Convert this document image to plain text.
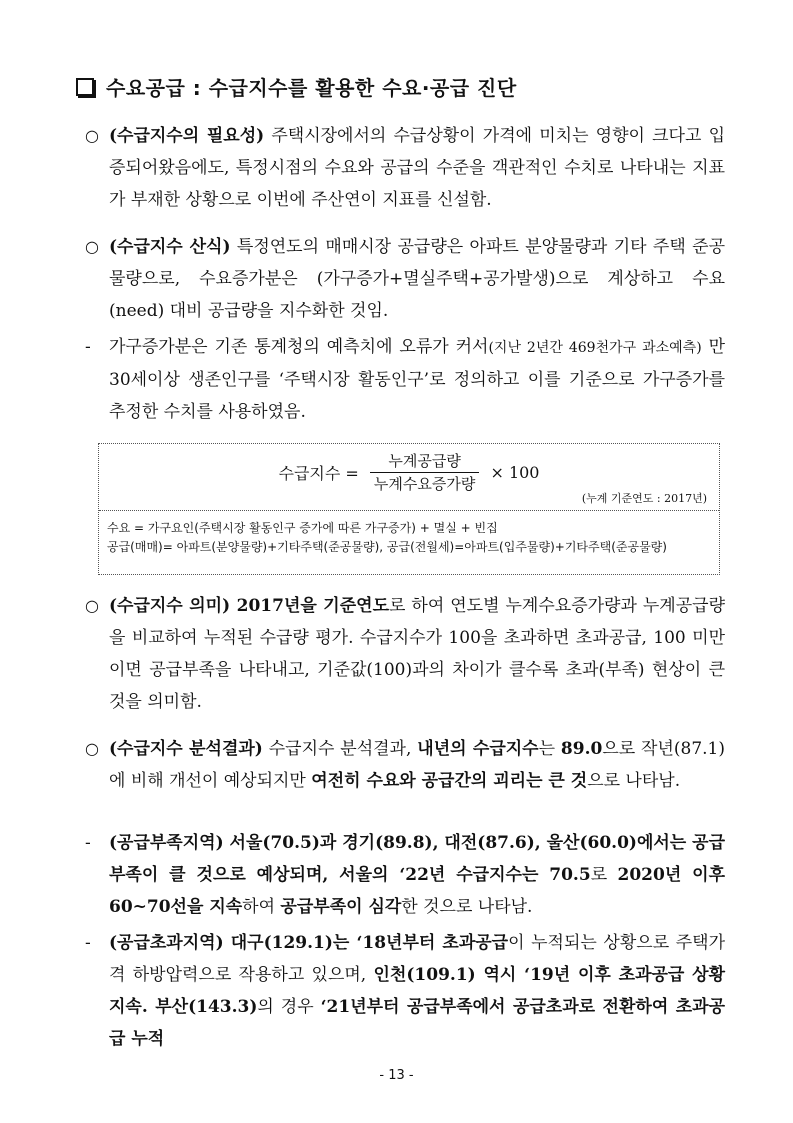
수요공급 : 수급지수를 활용한 수요·공급 진단
○ (수급지수의 필요성) 주택시장에서의 수급상황이 가격에 미치는 영향이 크다고 입증되어왔음에도, 특정시점의 수요와 공급의 수준을 객관적인 수치로 나타내는 지표가 부재한 상황으로 이번에 주산연이 지표를 신설함.
○ (수급지수 산식) 특정연도의 매매시장 공급량은 아파트 분양물량과 기타 주택 준공물량으로, 수요증가분은 (가구증가+멸실주택+공가발생)으로 계상하고 수요(need) 대비 공급량을 지수화한 것임.
- 가구증가분은 기존 통계청의 예측치에 오류가 커서(지난 2년간 469천가구 과소예측) 만30세이상 생존인구를 ‘주택시장 활동인구’로 정의하고 이를 기준으로 가구증가를 추정한 수치를 사용하였음.
수급지수 = $\frac{\text{누계공급량}}{\text{누계수요증가량}} \times 100$
(누계 기준연도 : 2017년)
수요 = 가구요인(주택시장 활동인구 증가에 따른 가구증가) + 멸실 + 빈집
공급(매매)= 아파트(분양물량)+기타주택(준공물량), 공급(전월세)=아파트(입주물량)+기타주택(준공물량)
○ (수급지수 의미) 2017년을 기준연도로 하여 연도별 누계수요증가량과 누계공급량을 비교하여 누적된 수급량 평가. 수급지수가 100을 초과하면 초과공급, 100 미만이면 공급부족을 나타내고, 기준값(100)과의 차이가 클수록 초과(부족) 현상이 큰 것을 의미함.
○ (수급지수 분석결과) 수급지수 분석결과, 내년의 수급지수는 89.0으로 작년(87.1)에 비해 개선이 예상되지만 여전히 수요와 공급간의 괴리는 큰 것으로 나타남.
- (공급부족지역) 서울(70.5)과 경기(89.8), 대전(87.6), 울산(60.0)에서는 공급부족이 클 것으로 예상되며, 서울의 ‘22년 수급지수는 70.5로 2020년 이후 60~70선을 지속하여 공급부족이 심각한 것으로 나타남.
- (공급초과지역) 대구(129.1)는 ‘18년부터 초과공급이 누적되는 상황으로 주택가격 하방압력으로 작용하고 있으며, 인천(109.1) 역시 ‘19년 이후 초과공급 상황 지속. 부산(143.3)의 경우 ‘21년부터 공급부족에서 공급초과로 전환하여 초과공급 누적
- 13 -
